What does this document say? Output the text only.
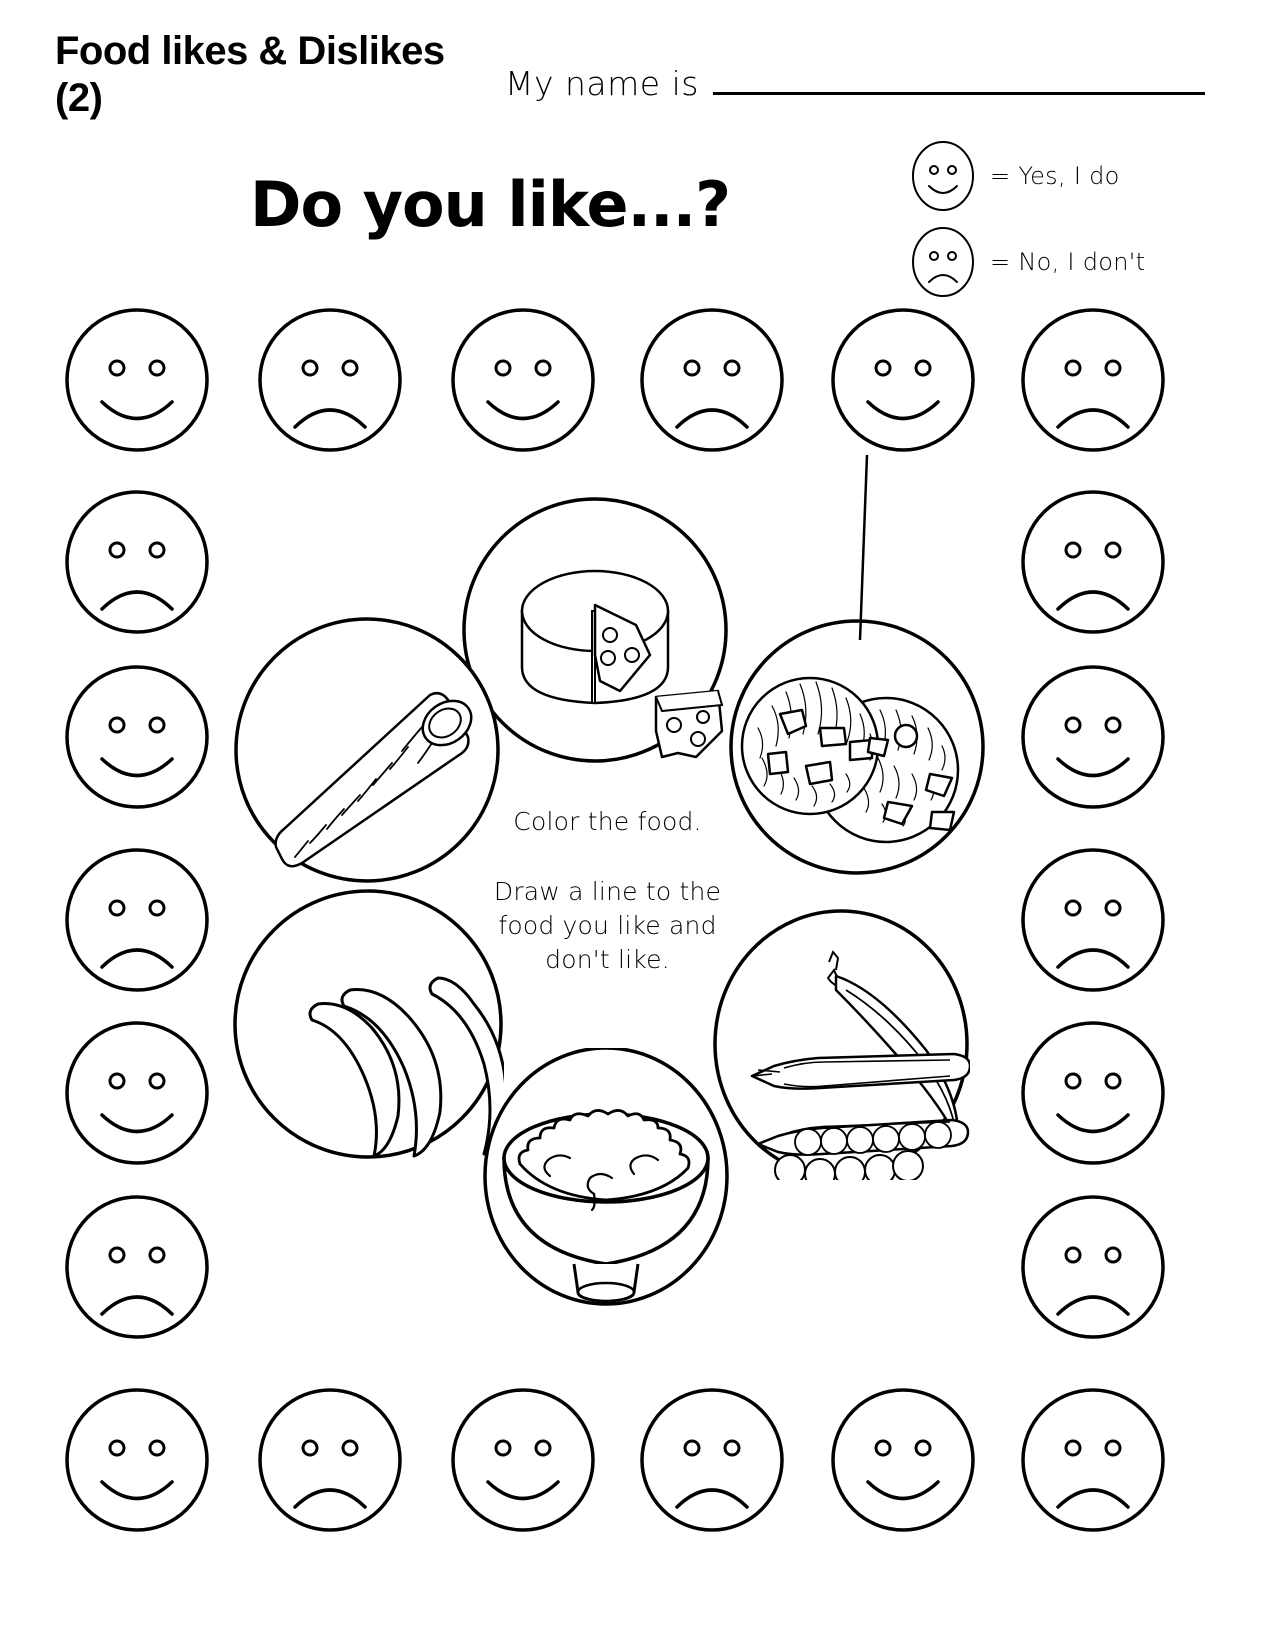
Food likes & Dislikes (2)	My name is
Do you like...?	= Yes, I do
= No, I don't
Color the food.
Draw a line to the food you like and don't like.
